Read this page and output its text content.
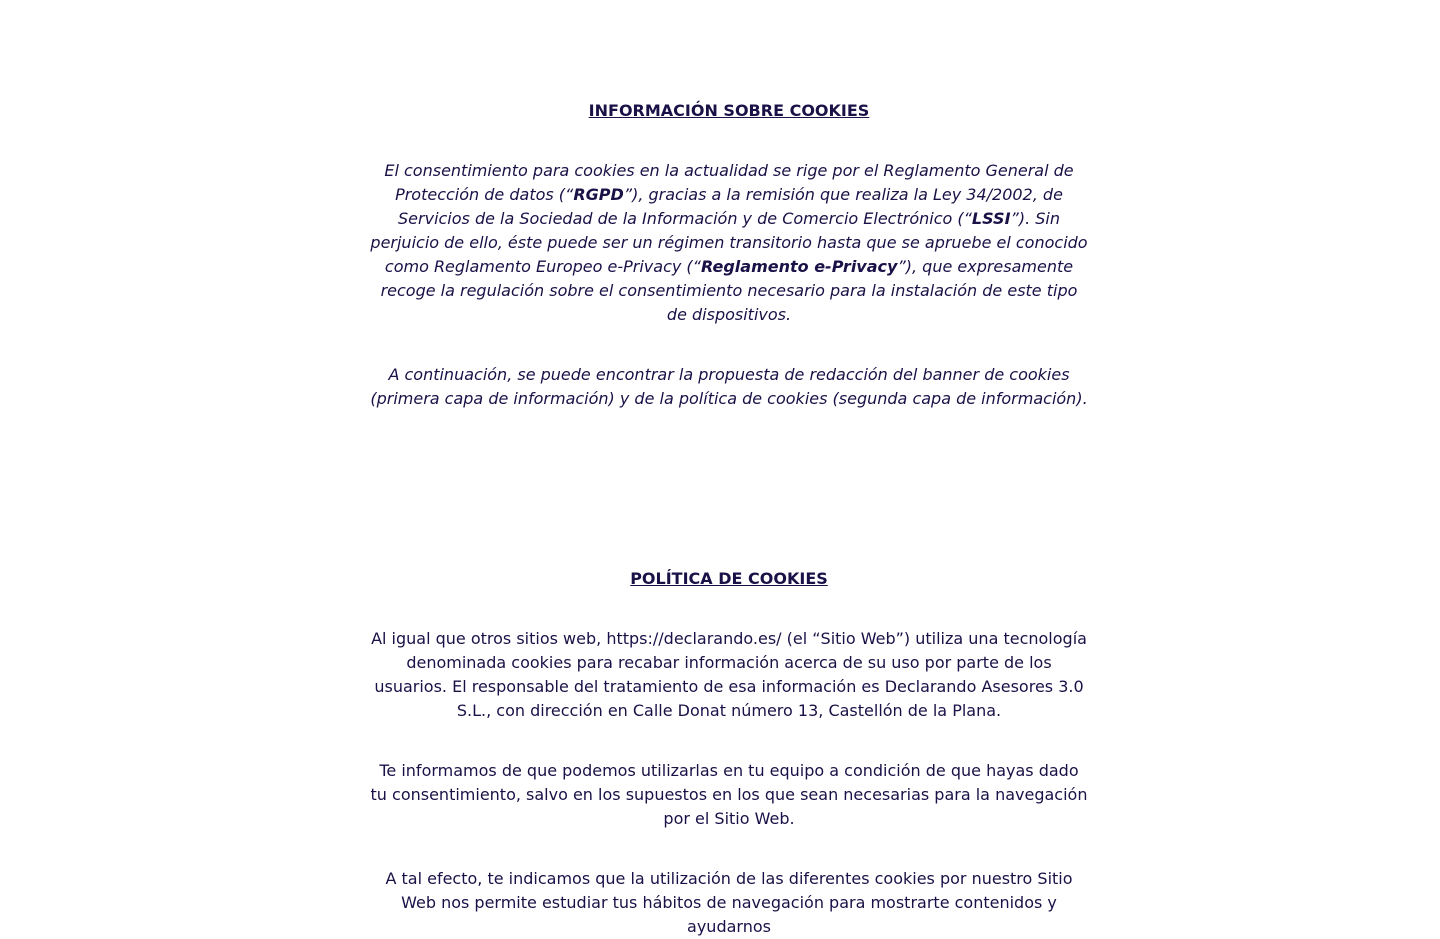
INFORMACIÓN SOBRE COOKIES

El consentimiento para cookies en la actualidad se rige por el Reglamento General de Protección de datos (“RGPD”), gracias a la remisión que realiza la Ley 34/2002, de Servicios de la Sociedad de la Información y de Comercio Electrónico (“LSSI”). Sin perjuicio de ello, éste puede ser un régimen transitorio hasta que se apruebe el conocido como Reglamento Europeo e-Privacy (“Reglamento e-Privacy”), que expresamente recoge la regulación sobre el consentimiento necesario para la instalación de este tipo de dispositivos.

A continuación, se puede encontrar la propuesta de redacción del banner de cookies (primera capa de información) y de la política de cookies (segunda capa de información).

POLÍTICA DE COOKIES

Al igual que otros sitios web, https://declarando.es/ (el “Sitio Web”) utiliza una tecnología denominada cookies para recabar información acerca de su uso por parte de los usuarios. El responsable del tratamiento de esa información es Declarando Asesores 3.0 S.L., con dirección en Calle Donat número 13, Castellón de la Plana.

Te informamos de que podemos utilizarlas en tu equipo a condición de que hayas dado tu consentimiento, salvo en los supuestos en los que sean necesarias para la navegación por el Sitio Web.

A tal efecto, te indicamos que la utilización de las diferentes cookies por nuestro Sitio Web nos permite estudiar tus hábitos de navegación para mostrarte contenidos y ayudarnos
